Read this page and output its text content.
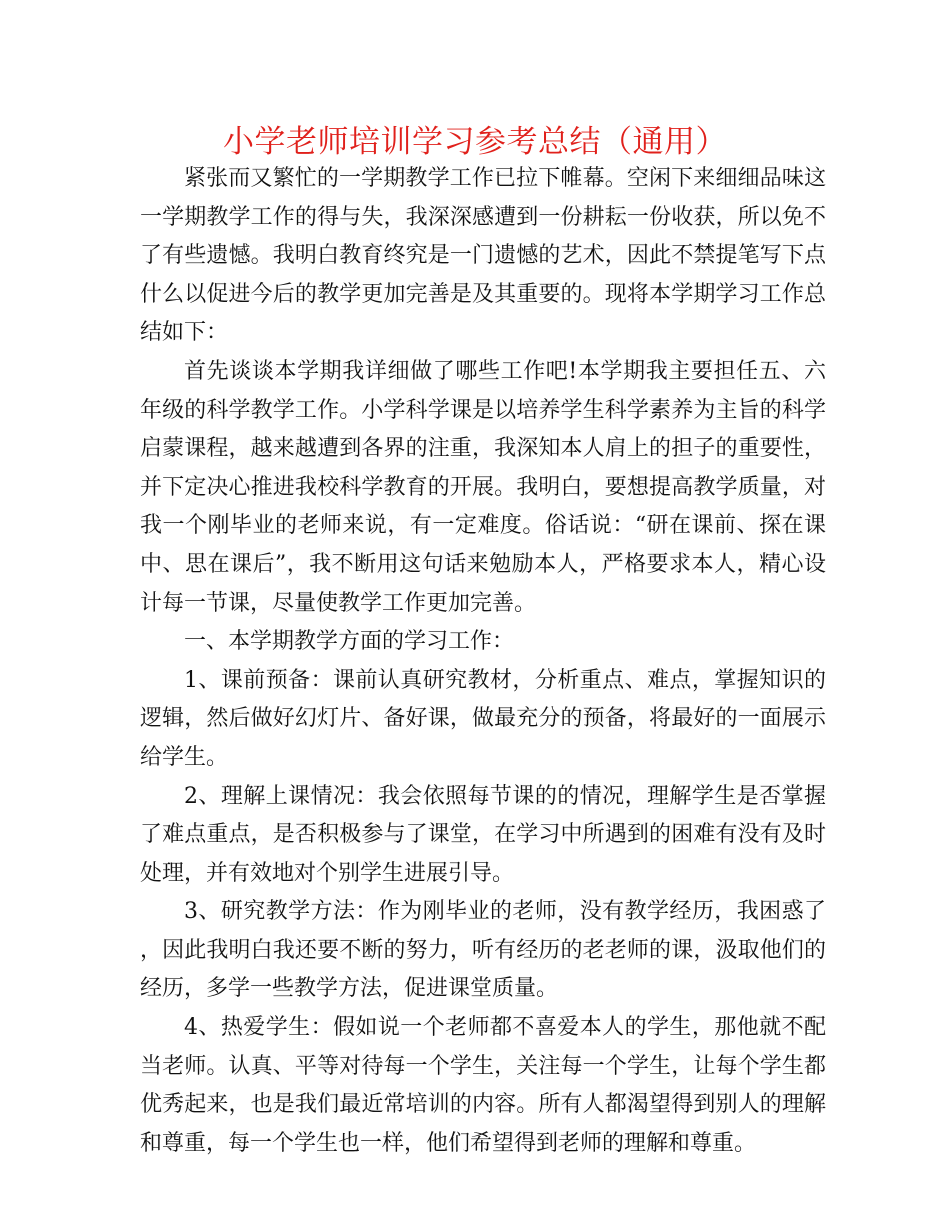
小学老师培训学习参考总结（通用）

紧张而又繁忙的一学期教学工作已拉下帷幕。空闲下来细细品味这一学期教学工作的得与失，我深深感遭到一份耕耘一份收获，所以免不了有些遗憾。我明白教育终究是一门遗憾的艺术，因此不禁提笔写下点什么以促进今后的教学更加完善是及其重要的。现将本学期学习工作总结如下：

首先谈谈本学期我详细做了哪些工作吧!本学期我主要担任五、六年级的科学教学工作。小学科学课是以培养学生科学素养为主旨的科学启蒙课程，越来越遭到各界的注重，我深知本人肩上的担子的重要性，并下定决心推进我校科学教育的开展。我明白，要想提高教学质量，对我一个刚毕业的老师来说，有一定难度。俗话说：“研在课前、探在课中、思在课后”，我不断用这句话来勉励本人，严格要求本人，精心设计每一节课，尽量使教学工作更加完善。

一、本学期教学方面的学习工作：

1、课前预备：课前认真研究教材，分析重点、难点，掌握知识的逻辑，然后做好幻灯片、备好课，做最充分的预备，将最好的一面展示给学生。

2、理解上课情况：我会依照每节课的的情况，理解学生是否掌握了难点重点，是否积极参与了课堂，在学习中所遇到的困难有没有及时处理，并有效地对个别学生进展引导。

3、研究教学方法：作为刚毕业的老师，没有教学经历，我困惑了，因此我明白我还要不断的努力，听有经历的老老师的课，汲取他们的经历，多学一些教学方法，促进课堂质量。

4、热爱学生：假如说一个老师都不喜爱本人的学生，那他就不配当老师。认真、平等对待每一个学生，关注每一个学生，让每个学生都优秀起来，也是我们最近常培训的内容。所有人都渴望得到别人的理解和尊重，每一个学生也一样，他们希望得到老师的理解和尊重。
